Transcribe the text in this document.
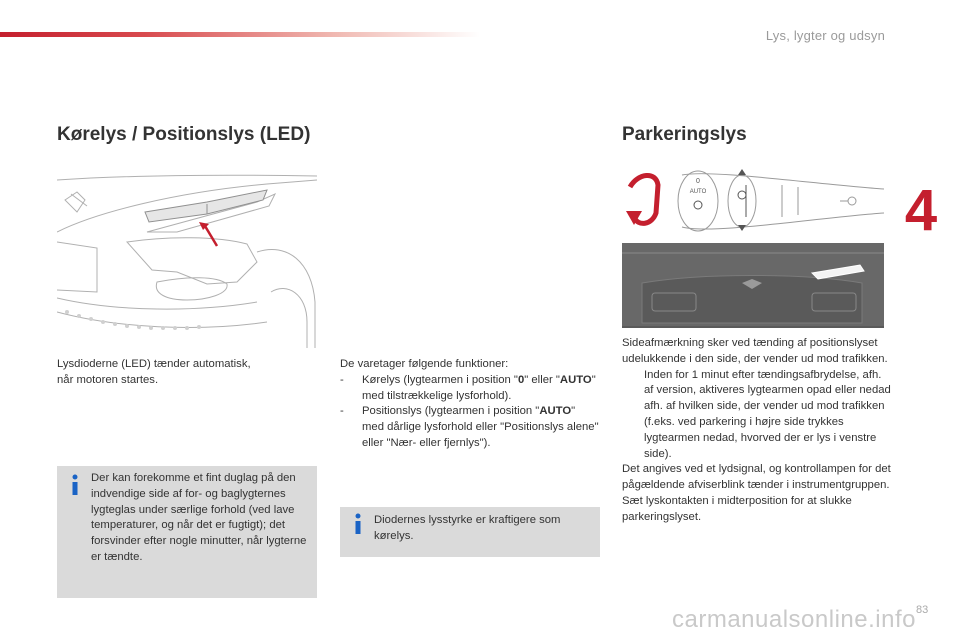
Lys, lygter og udsyn
4
Kørelys / Positionslys (LED)
Lysdioderne (LED) tænder automatisk,
når motoren startes.
Der kan forekomme et fint duglag på den indvendige side af for- og baglygternes lygteglas under særlige forhold (ved lave temperaturer, og når det er fugtigt); det forsvinder efter nogle minutter, når lygterne er tændte.
De varetager følgende funktioner:
- Kørelys (lygtearmen i position "0" eller "AUTO" med tilstrækkelige lysforhold).
- Positionslys (lygtearmen i position "AUTO" med dårlige lysforhold eller "Positionslys alene" eller "Nær- eller fjernlys").
Diodernes lysstyrke er kraftigere som kørelys.
Parkeringslys
0
AUTO
Sideafmærkning sker ved tænding af positionslyset udelukkende i den side, der vender ud mod trafikken.
Inden for 1 minut efter tændingsafbrydelse, afh. af version, aktiveres lygtearmen opad eller nedad afh. af hvilken side, der vender ud mod trafikken (f.eks. ved parkering i højre side trykkes lygtearmen nedad, hvorved der er lys i venstre side).
Det angives ved et lydsignal, og kontrollampen for det pågældende afviserblink tænder i instrumentgruppen.
Sæt lyskontakten i midterposition for at slukke parkeringslyset.
carmanualsonline.info 83
